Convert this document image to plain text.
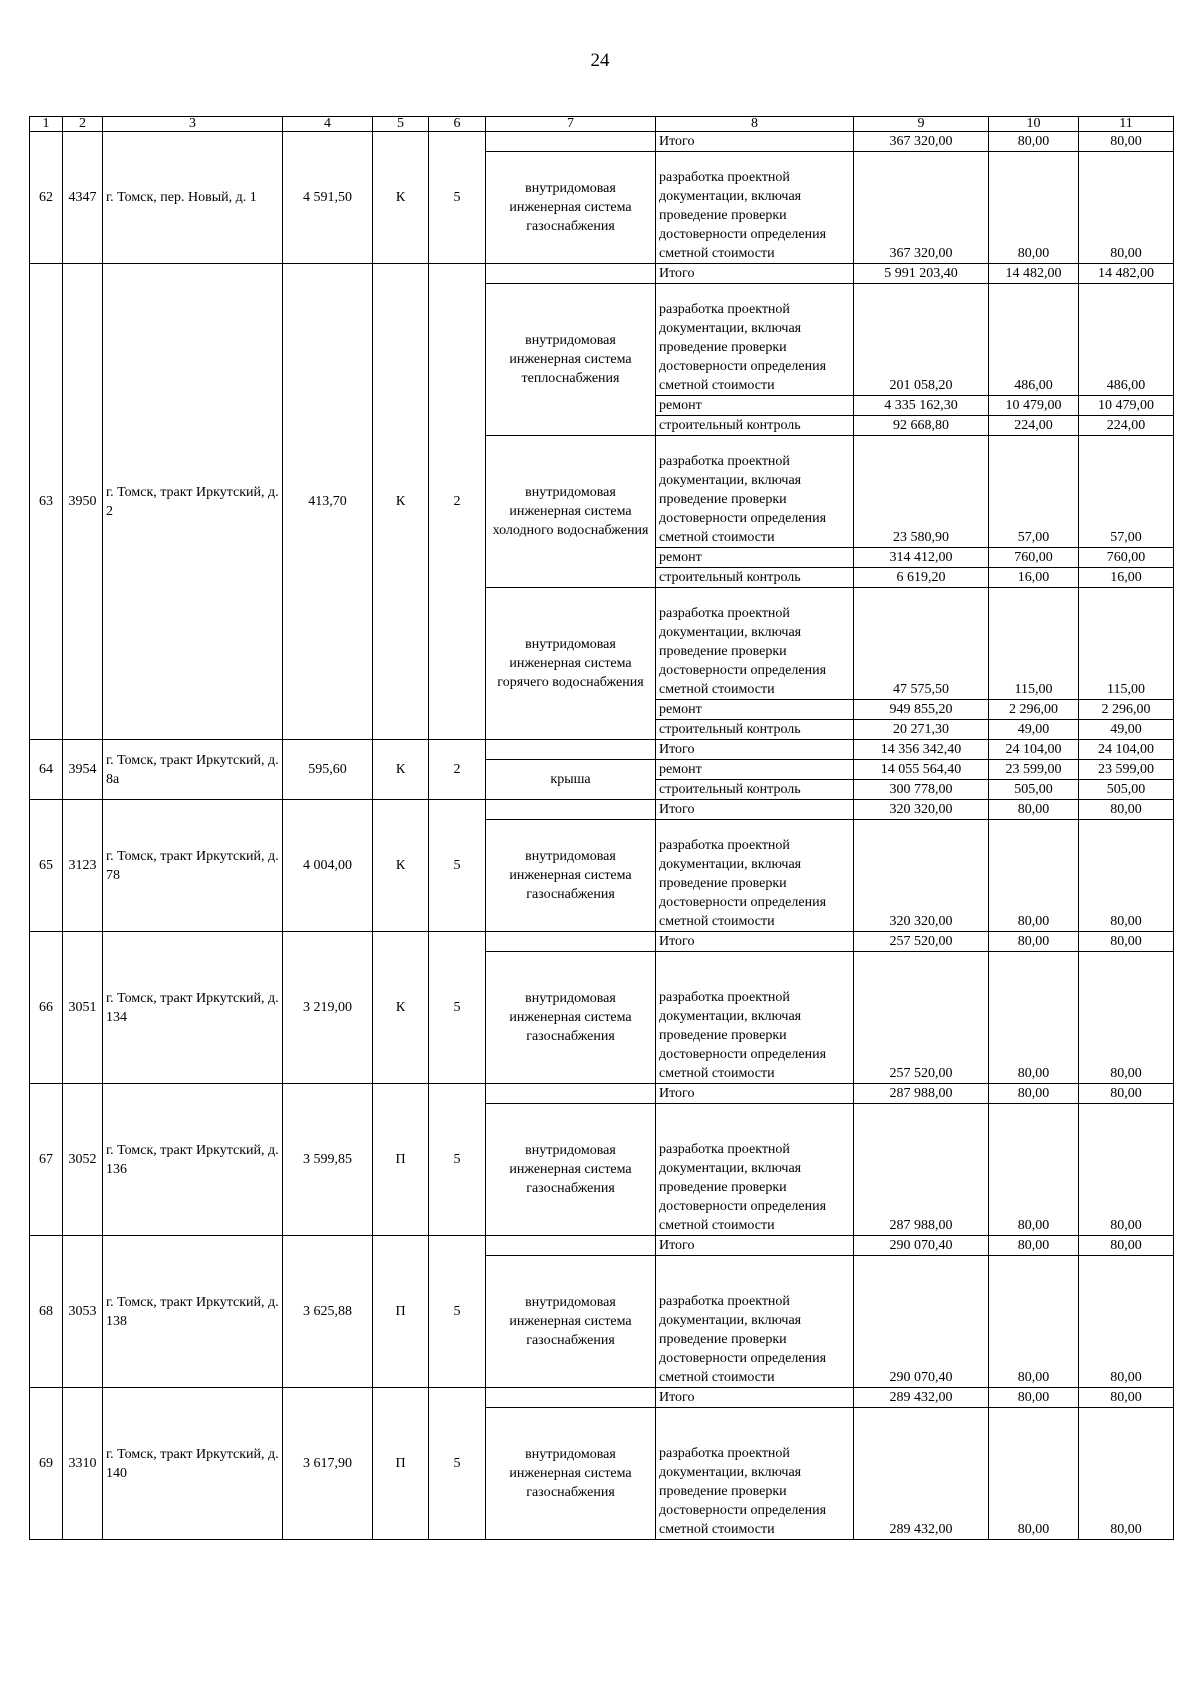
24
1	2	3	4	5	6	7	8	9	10	11
62	4347	г. Томск, пер. Новый, д. 1	4 591,50	К	5		Итого	367 320,00	80,00	80,00
						внутридомовая инженерная система газоснабжения	разработка проектной документации, включая проведение проверки достоверности определения сметной стоимости	367 320,00	80,00	80,00
63	3950	г. Томск, тракт Иркутский, д. 2	413,70	К	2		Итого	5 991 203,40	14 482,00	14 482,00
						внутридомовая инженерная система теплоснабжения	разработка проектной документации, включая проведение проверки достоверности определения сметной стоимости	201 058,20	486,00	486,00
							ремонт	4 335 162,30	10 479,00	10 479,00
							строительный контроль	92 668,80	224,00	224,00
						внутридомовая инженерная система холодного водоснабжения	разработка проектной документации, включая проведение проверки достоверности определения сметной стоимости	23 580,90	57,00	57,00
							ремонт	314 412,00	760,00	760,00
							строительный контроль	6 619,20	16,00	16,00
						внутридомовая инженерная система горячего водоснабжения	разработка проектной документации, включая проведение проверки достоверности определения сметной стоимости	47 575,50	115,00	115,00
							ремонт	949 855,20	2 296,00	2 296,00
							строительный контроль	20 271,30	49,00	49,00
64	3954	г. Томск, тракт Иркутский, д. 8а	595,60	К	2		Итого	14 356 342,40	24 104,00	24 104,00
						крыша	ремонт	14 055 564,40	23 599,00	23 599,00
							строительный контроль	300 778,00	505,00	505,00
65	3123	г. Томск, тракт Иркутский, д. 78	4 004,00	К	5		Итого	320 320,00	80,00	80,00
						внутридомовая инженерная система газоснабжения	разработка проектной документации, включая проведение проверки достоверности определения сметной стоимости	320 320,00	80,00	80,00
66	3051	г. Томск, тракт Иркутский, д. 134	3 219,00	К	5		Итого	257 520,00	80,00	80,00
						внутридомовая инженерная система газоснабжения	разработка проектной документации, включая проведение проверки достоверности определения сметной стоимости	257 520,00	80,00	80,00
67	3052	г. Томск, тракт Иркутский, д. 136	3 599,85	П	5		Итого	287 988,00	80,00	80,00
						внутридомовая инженерная система газоснабжения	разработка проектной документации, включая проведение проверки достоверности определения сметной стоимости	287 988,00	80,00	80,00
68	3053	г. Томск, тракт Иркутский, д. 138	3 625,88	П	5		Итого	290 070,40	80,00	80,00
						внутридомовая инженерная система газоснабжения	разработка проектной документации, включая проведение проверки достоверности определения сметной стоимости	290 070,40	80,00	80,00
69	3310	г. Томск, тракт Иркутский, д. 140	3 617,90	П	5		Итого	289 432,00	80,00	80,00
						внутридомовая инженерная система газоснабжения	разработка проектной документации, включая проведение проверки достоверности определения сметной стоимости	289 432,00	80,00	80,00
